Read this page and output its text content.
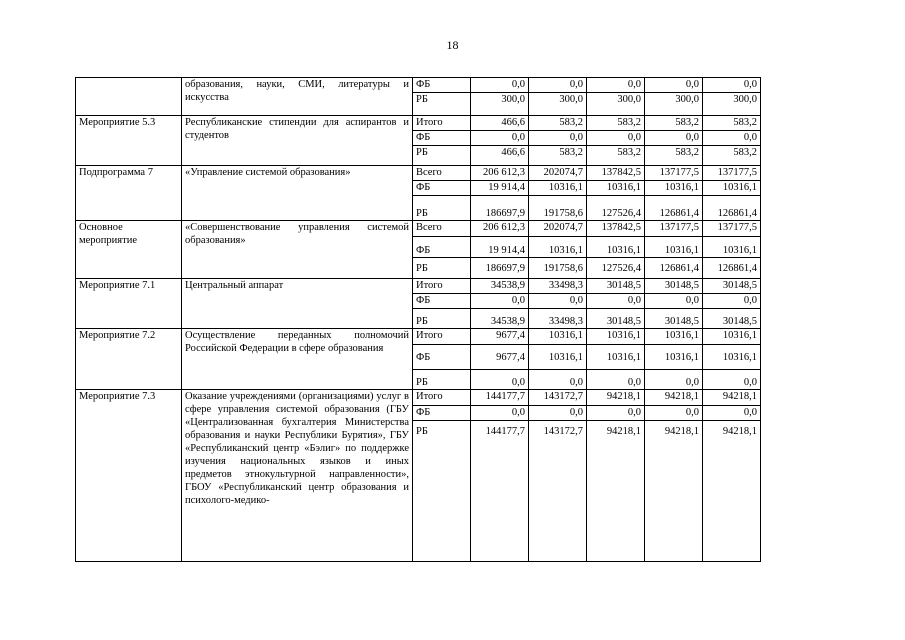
18
	образования, науки, СМИ, литературы и искусства	ФБ	0,0	0,0	0,0	0,0	0,0
		РБ	300,0	300,0	300,0	300,0	300,0
Мероприятие 5.3	Республиканские стипендии для аспирантов и студентов	Итого	466,6	583,2	583,2	583,2	583,2
		ФБ	0,0	0,0	0,0	0,0	0,0
		РБ	466,6	583,2	583,2	583,2	583,2
Подпрограмма 7	«Управление системой образования»	Всего	206 612,3	202074,7	137842,5	137177,5	137177,5
		ФБ	19 914,4	10316,1	10316,1	10316,1	10316,1
		РБ	186697,9	191758,6	127526,4	126861,4	126861,4
Основное мероприятие	«Совершенствование управления системой образования»	Всего	206 612,3	202074,7	137842,5	137177,5	137177,5
		ФБ	19 914,4	10316,1	10316,1	10316,1	10316,1
		РБ	186697,9	191758,6	127526,4	126861,4	126861,4
Мероприятие 7.1	Центральный аппарат	Итого	34538,9	33498,3	30148,5	30148,5	30148,5
		ФБ	0,0	0,0	0,0	0,0	0,0
		РБ	34538,9	33498,3	30148,5	30148,5	30148,5
Мероприятие 7.2	Осуществление переданных полномочий Российской Федерации в сфере образования	Итого	9677,4	10316,1	10316,1	10316,1	10316,1
		ФБ	9677,4	10316,1	10316,1	10316,1	10316,1
		РБ	0,0	0,0	0,0	0,0	0,0
Мероприятие 7.3	Оказание учреждениями (организациями) услуг в сфере управления системой образования (ГБУ «Централизованная бухгалтерия Министерства образования и науки Республики Бурятия», ГБУ «Республиканский центр «Бэлиг» по поддержке изучения национальных языков и иных предметов этнокультурной направленности», ГБОУ «Республиканский центр образования и психолого-медико-	Итого	144177,7	143172,7	94218,1	94218,1	94218,1
		ФБ	0,0	0,0	0,0	0,0	0,0
		РБ	144177,7	143172,7	94218,1	94218,1	94218,1
